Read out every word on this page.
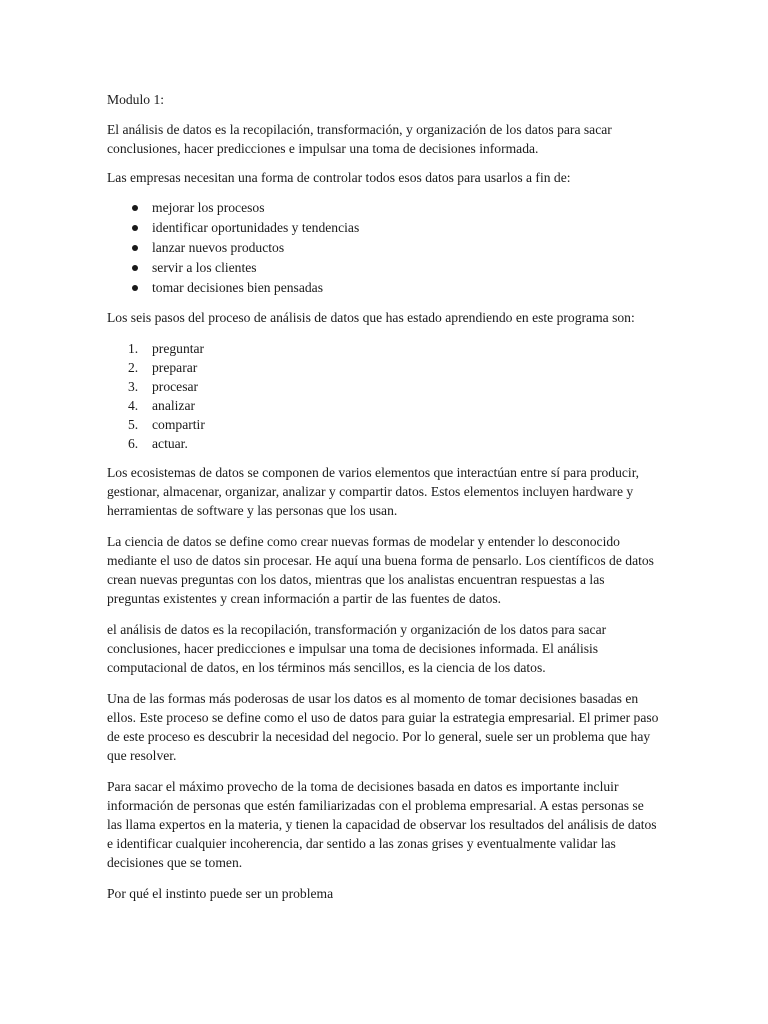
Modulo 1:

El análisis de datos es la recopilación, transformación, y organización de los datos para sacar conclusiones, hacer predicciones e impulsar una toma de decisiones informada.

Las empresas necesitan una forma de controlar todos esos datos para usarlos a fin de:

mejorar los procesos
identificar oportunidades y tendencias
lanzar nuevos productos
servir a los clientes
tomar decisiones bien pensadas

Los seis pasos del proceso de análisis de datos que has estado aprendiendo en este programa son:

1. preguntar
2. preparar
3. procesar
4. analizar
5. compartir
6. actuar.

Los ecosistemas de datos se componen de varios elementos que interactúan entre sí para producir, gestionar, almacenar, organizar, analizar y compartir datos. Estos elementos incluyen hardware y herramientas de software y las personas que los usan.

La ciencia de datos se define como crear nuevas formas de modelar y entender lo desconocido mediante el uso de datos sin procesar. He aquí una buena forma de pensarlo. Los científicos de datos crean nuevas preguntas con los datos, mientras que los analistas encuentran respuestas a las preguntas existentes y crean información a partir de las fuentes de datos.

el análisis de datos es la recopilación, transformación y organización de los datos para sacar conclusiones, hacer predicciones e impulsar una toma de decisiones informada. El análisis computacional de datos, en los términos más sencillos, es la ciencia de los datos.

Una de las formas más poderosas de usar los datos es al momento de tomar decisiones basadas en ellos. Este proceso se define como el uso de datos para guiar la estrategia empresarial. El primer paso de este proceso es descubrir la necesidad del negocio. Por lo general, suele ser un problema que hay que resolver.

Para sacar el máximo provecho de la toma de decisiones basada en datos es importante incluir información de personas que estén familiarizadas con el problema empresarial. A estas personas se las llama expertos en la materia, y tienen la capacidad de observar los resultados del análisis de datos e identificar cualquier incoherencia, dar sentido a las zonas grises y eventualmente validar las decisiones que se tomen.

Por qué el instinto puede ser un problema
